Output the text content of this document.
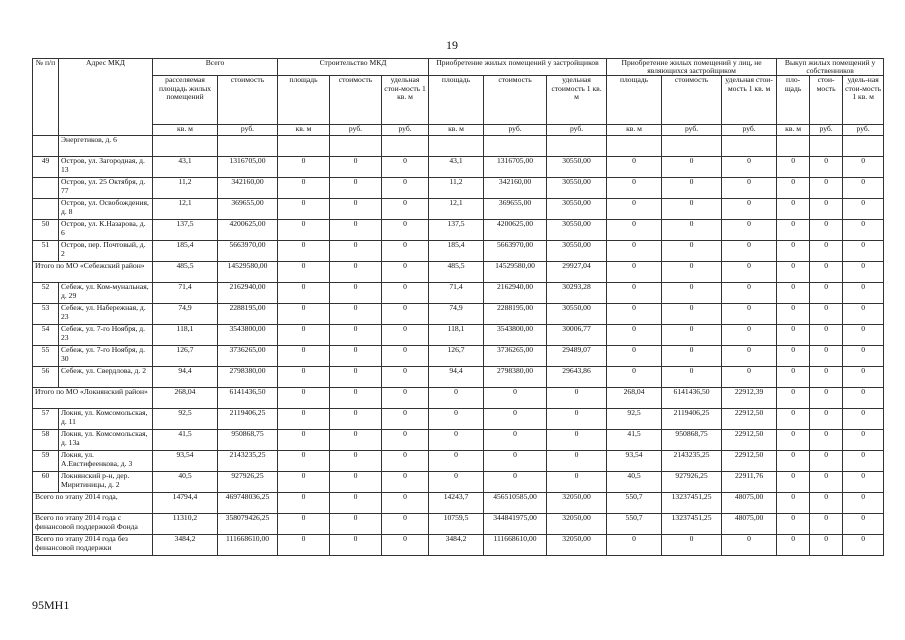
19
№ п/п	Адрес МКД	Всего		Строительство МКД			Приобретение жилых помещений у застройщиков			Приобретение жилых помещений у лиц, не являющихся застройщиком			Выкуп жилых помещений у собственников		
		расселяемая площадь жилых помещений	стоимость	площадь	стоимость	удельная стои-мость 1 кв. м	площадь	стоимость	удельная стоимость 1 кв. м	площадь	стоимость	удельная стои-мость 1 кв. м	пло-щадь	стои-мость	удель-ная стои-мость 1 кв. м
		кв. м	руб.	кв. м	руб.	руб.	кв. м	руб.	руб.	кв. м	руб.	руб.	кв. м	руб.	руб.
	Энергетиков, д. 6														
49	Остров, ул. Загородная, д. 13	43,1	1316705,00	0	0	0	43,1	1316705,00	30550,00	0	0	0	0	0	0
	Остров, ул. 25 Октября, д. 77	11,2	342160,00	0	0	0	11,2	342160,00	30550,00	0	0	0	0	0	0
	Остров, ул. Освобождения, д. 8	12,1	369655,00	0	0	0	12,1	369655,00	30550,00	0	0	0	0	0	0
50	Остров, ул. К.Назарова, д. 6	137,5	4200625,00	0	0	0	137,5	4200625,00	30550,00	0	0	0	0	0	0
51	Остров, пер. Почтовый, д. 2	185,4	5663970,00	0	0	0	185,4	5663970,00	30550,00	0	0	0	0	0	0
Итого по МО «Себежский район»		485,5	14529580,00	0	0	0	485,5	14529580,00	29927,04	0	0	0	0	0	0
52	Себеж, ул. Ком-мунальная, д. 29	71,4	2162940,00	0	0	0	71,4	2162940,00	30293,28	0	0	0	0	0	0
53	Себеж, ул. Набережная, д. 23	74,9	2288195,00	0	0	0	74,9	2288195,00	30550,00	0	0	0	0	0	0
54	Себеж, ул. 7-го Ноября, д. 23	118,1	3543800,00	0	0	0	118,1	3543800,00	30006,77	0	0	0	0	0	0
55	Себеж, ул. 7-го Ноября, д. 30	126,7	3736265,00	0	0	0	126,7	3736265,00	29489,07	0	0	0	0	0	0
56	Себеж, ул. Свердлова, д. 2	94,4	2798380,00	0	0	0	94,4	2798380,00	29643,86	0	0	0	0	0	0
Итого по МО «Локнянский район»		268,04	6141436,50	0	0	0	0	0	0	268,04	6141436,50	22912,39	0	0	0
57	Локня, ул. Комсомольская, д. 11	92,5	2119406,25	0	0	0	0	0	0	92,5	2119406,25	22912,50	0	0	0
58	Локня, ул. Комсомольская, д. 13а	41,5	950868,75	0	0	0	0	0	0	41,5	950868,75	22912,50	0	0	0
59	Локня, ул. А.Евстифеенкова, д. 3	93,54	2143235,25	0	0	0	0	0	0	93,54	2143235,25	22912,50	0	0	0
60	Локнянский р-н, дер. Миритиницы, д. 2	40,5	927926,25	0	0	0	0	0	0	40,5	927926,25	22911,76	0	0	0
Всего по этапу 2014 года,		14794,4	469748036,25	0	0	0	14243,7	456510585,00	32050,00	550,7	13237451,25	48075,00	0	0	0
Всего по этапу 2014 года с финансовой поддержкой Фонда		11310,2	358079426,25	0	0	0	10759,5	344841975,00	32050,00	550,7	13237451,25	48075,00	0	0	0
Всего по этапу 2014 года без финансовой поддержки		3484,2	111668610,00	0	0	0	3484,2	111668610,00	32050,00	0	0	0	0	0	0
95МН1
